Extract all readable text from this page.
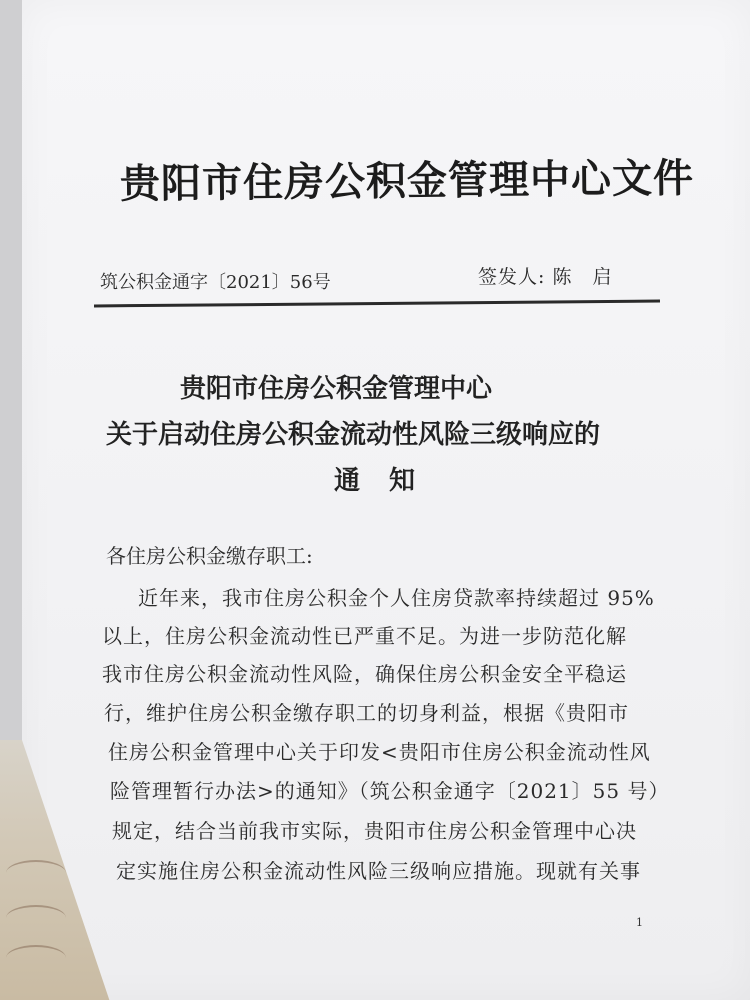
贵阳市住房公积金管理中心文件
筑公积金通字〔2021〕56号	签发人: 陈　启
贵阳市住房公积金管理中心
关于启动住房公积金流动性风险三级响应的
通 知
各住房公积金缴存职工:
近年来，我市住房公积金个人住房贷款率持续超过 95%
以上，住房公积金流动性已严重不足。为进一步防范化解
我市住房公积金流动性风险，确保住房公积金安全平稳运
行，维护住房公积金缴存职工的切身利益，根据《贵阳市
住房公积金管理中心关于印发<贵阳市住房公积金流动性风
险管理暂行办法>的通知》（筑公积金通字〔2021〕55 号）
规定，结合当前我市实际，贵阳市住房公积金管理中心决
定实施住房公积金流动性风险三级响应措施。现就有关事
1
